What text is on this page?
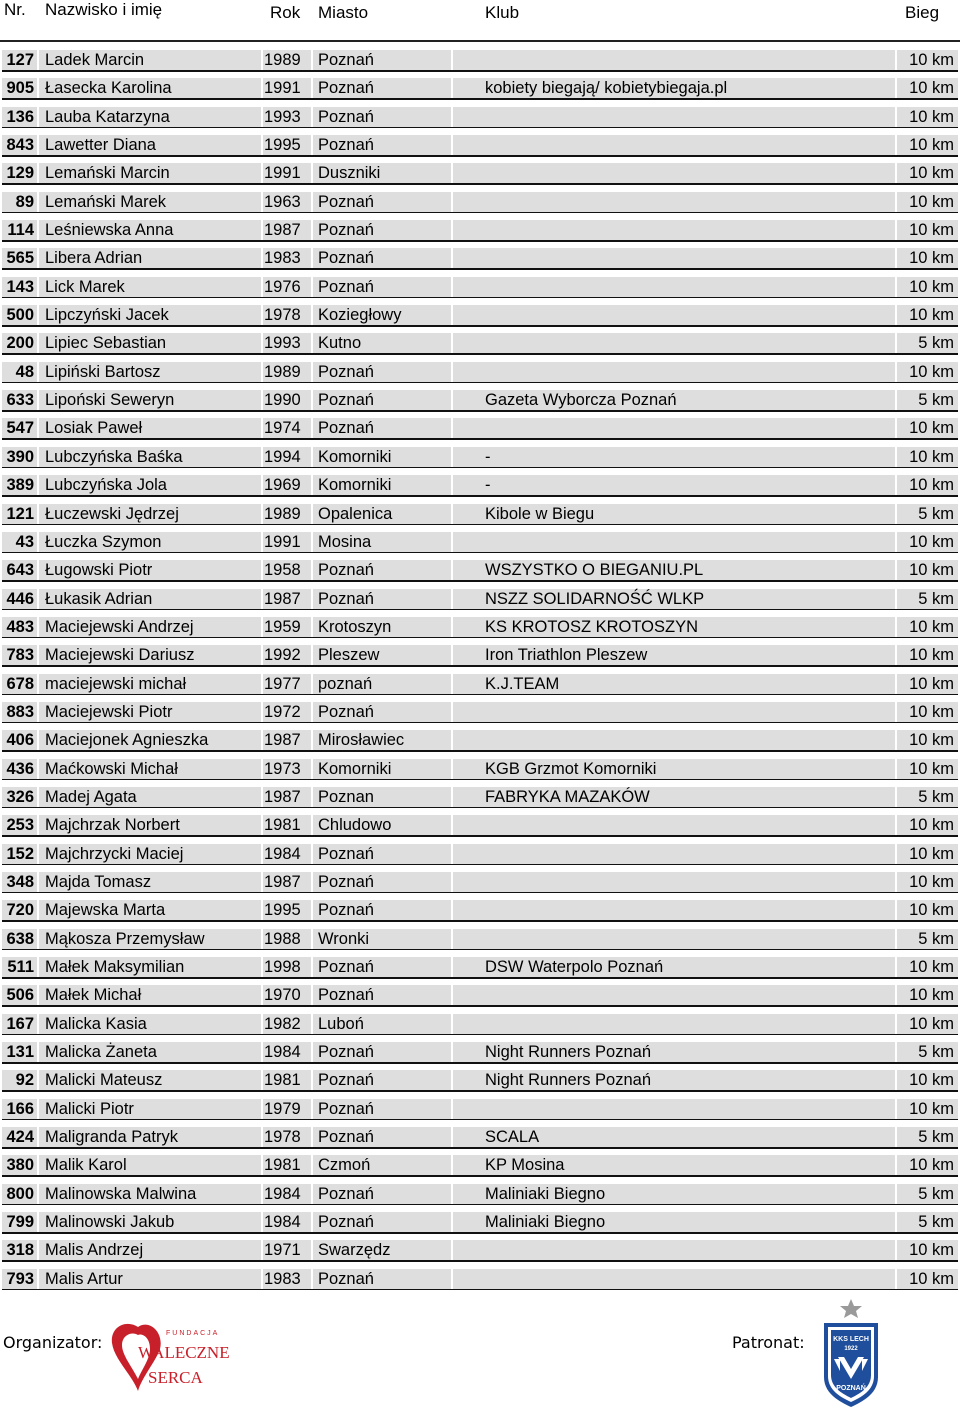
Nr. Nazwisko i imię	Rok Miasto	Klub	Bieg
127 Ladek Marcin	1989 Poznań	10 km
905 Łasecka Karolina	1991 Poznań	kobiety biegają/ kobietybiegaja.pl	10 km
136 Lauba Katarzyna	1993 Poznań	10 km
843 Lawetter Diana	1995 Poznań	10 km
129 Lemański Marcin	1991 Duszniki	10 km
89 Lemański Marek	1963 Poznań	10 km
114 Leśniewska Anna	1987 Poznań	10 km
565 Libera Adrian	1983 Poznań	10 km
143 Lick Marek	1976 Poznań	10 km
500 Lipczyński Jacek	1978 Koziegłowy	10 km
200 Lipiec Sebastian	1993 Kutno	5 km
48 Lipiński Bartosz	1989 Poznań	10 km
633 Lipoński Seweryn	1990 Poznań	Gazeta Wyborcza Poznań	5 km
547 Losiak Paweł	1974 Poznań	10 km
390 Lubczyńska Baśka	1994 Komorniki	-	10 km
389 Lubczyńska Jola	1969 Komorniki	-	10 km
121 Łuczewski Jędrzej	1989 Opalenica	Kibole w Biegu	5 km
43 Łuczka Szymon	1991 Mosina	10 km
643 Ługowski Piotr	1958 Poznań	WSZYSTKO O BIEGANIU.PL	10 km
446 Łukasik Adrian	1987 Poznań	NSZZ SOLIDARNOŚĆ WLKP	5 km
483 Maciejewski Andrzej	1959 Krotoszyn	KS KROTOSZ KROTOSZYN	10 km
783 Maciejewski Dariusz	1992 Pleszew	Iron Triathlon Pleszew	10 km
678 maciejewski michał	1977 poznań	K.J.TEAM	10 km
883 Maciejewski Piotr	1972 Poznań	10 km
406 Maciejonek Agnieszka	1987 Mirosławiec	10 km
436 Maćkowski Michał	1973 Komorniki	KGB Grzmot Komorniki	10 km
326 Madej Agata	1987 Poznan	FABRYKA MAZAKÓW	5 km
253 Majchrzak Norbert	1981 Chludowo	10 km
152 Majchrzycki Maciej	1984 Poznań	10 km
348 Majda Tomasz	1987 Poznań	10 km
720 Majewska Marta	1995 Poznań	10 km
638 Mąkosza Przemysław	1988 Wronki	5 km
511 Małek Maksymilian	1998 Poznań	DSW Waterpolo Poznań	10 km
506 Małek Michał	1970 Poznań	10 km
167 Malicka Kasia	1982 Luboń	10 km
131 Malicka Żaneta	1984 Poznań	Night Runners Poznań	5 km
92 Malicki Mateusz	1981 Poznań	Night Runners Poznań	10 km
166 Malicki Piotr	1979 Poznań	10 km
424 Maligranda Patryk	1978 Poznań	SCALA	5 km
380 Malik Karol	1981 Czmoń	KP Mosina	10 km
800 Malinowska Malwina	1984 Poznań	Maliniaki Biegno	5 km
799 Malinowski Jakub	1984 Poznań	Maliniaki Biegno	5 km
318 Malis Andrzej	1971 Swarzędz	10 km
793 Malis Artur	1983 Poznań	10 km
Organizator:	FUNDACJA
WALECZNE
SERCA
Patronat:	KKS LECH
1922
POZNAŃ
